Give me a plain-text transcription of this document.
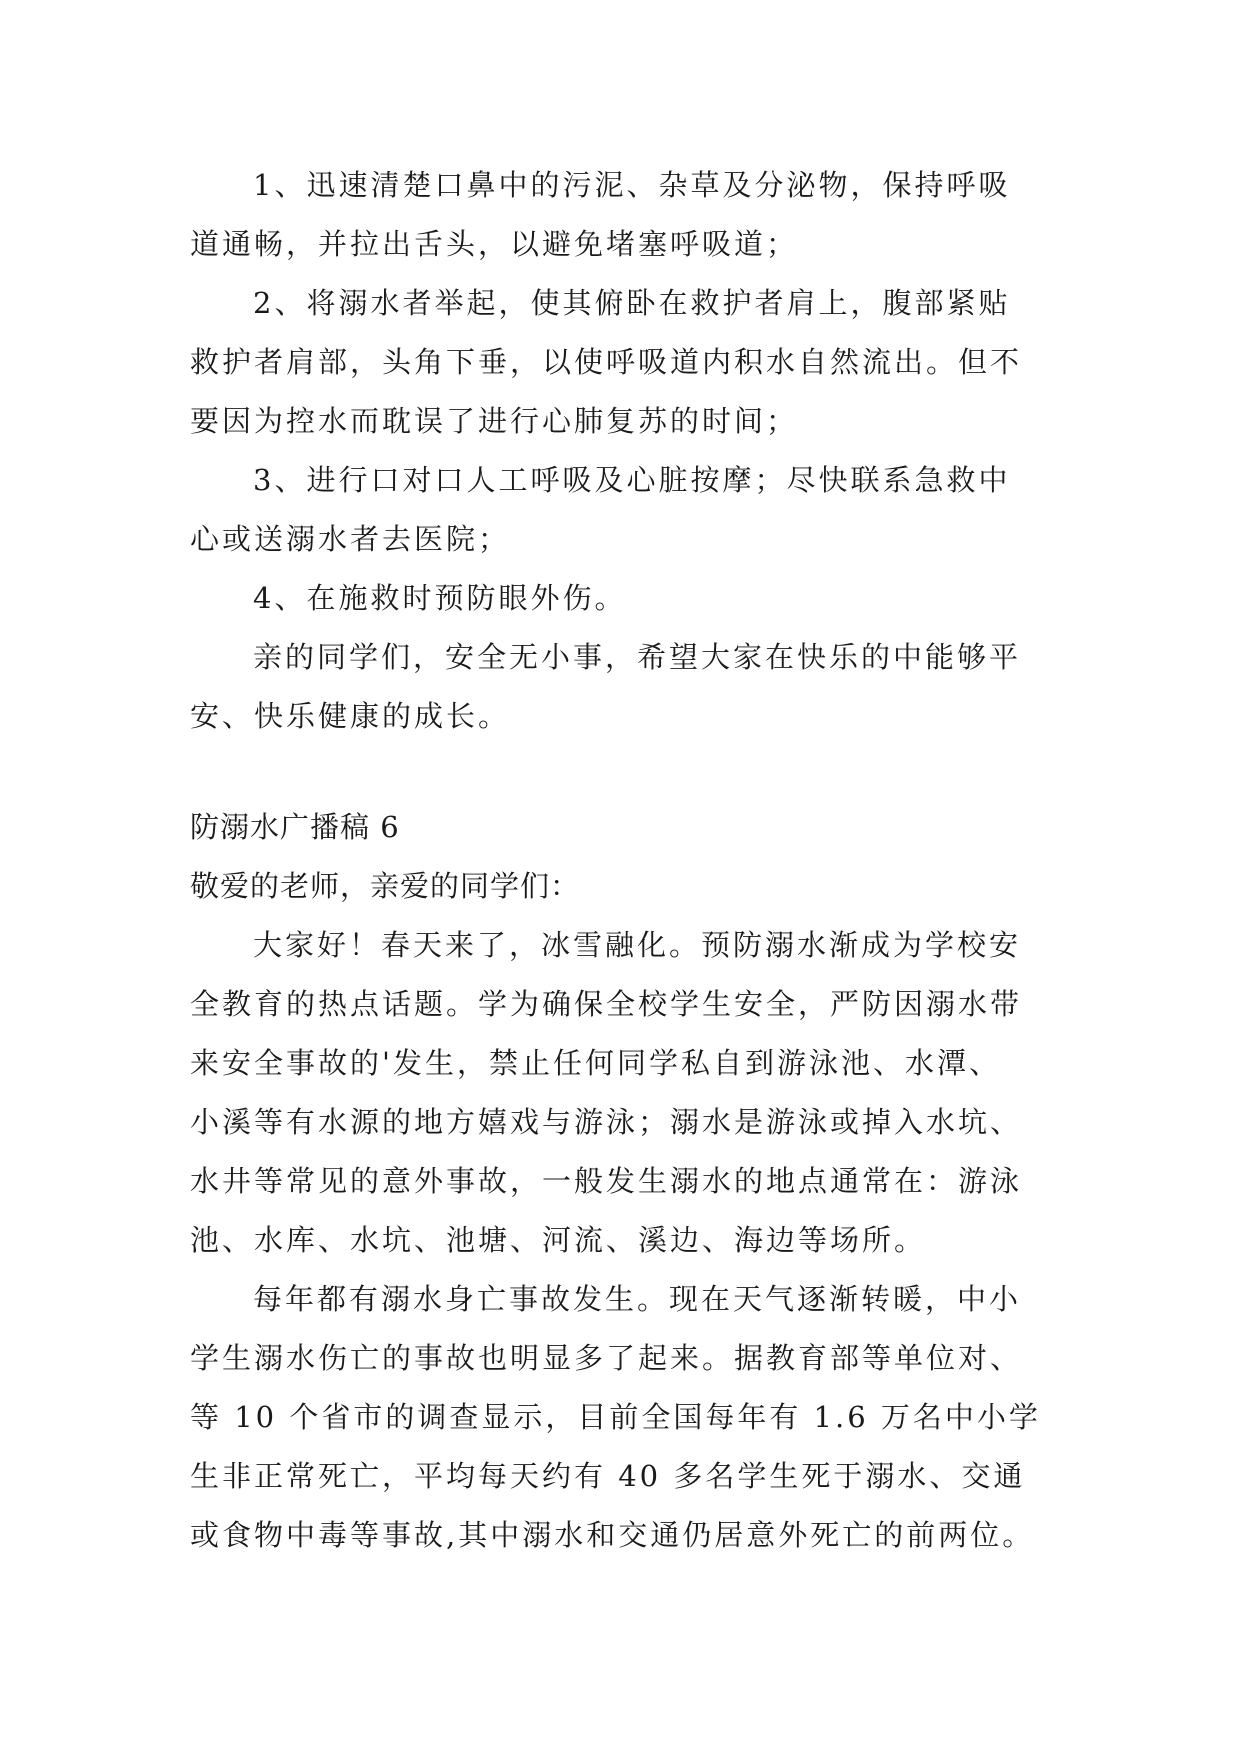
1、迅速清楚口鼻中的污泥、杂草及分泌物，保持呼吸
道通畅，并拉出舌头，以避免堵塞呼吸道；
2、将溺水者举起，使其俯卧在救护者肩上，腹部紧贴
救护者肩部，头角下垂，以使呼吸道内积水自然流出。但不
要因为控水而耽误了进行心肺复苏的时间；
3、进行口对口人工呼吸及心脏按摩；尽快联系急救中
心或送溺水者去医院；
4、在施救时预防眼外伤。
亲的同学们，安全无小事，希望大家在快乐的中能够平
安、快乐健康的成长。
防溺水广播稿 6
敬爱的老师，亲爱的同学们：
大家好！春天来了，冰雪融化。预防溺水渐成为学校安
全教育的热点话题。学为确保全校学生安全，严防因溺水带
来安全事故的'发生，禁止任何同学私自到游泳池、水潭、
小溪等有水源的地方嬉戏与游泳；溺水是游泳或掉入水坑、
水井等常见的意外事故，一般发生溺水的地点通常在：游泳
池、水库、水坑、池塘、河流、溪边、海边等场所。
每年都有溺水身亡事故发生。现在天气逐渐转暖，中小
学生溺水伤亡的事故也明显多了起来。据教育部等单位对、
等 10 个省市的调查显示，目前全国每年有 1.6 万名中小学
生非正常死亡，平均每天约有 40 多名学生死于溺水、交通
或食物中毒等事故,其中溺水和交通仍居意外死亡的前两位。
